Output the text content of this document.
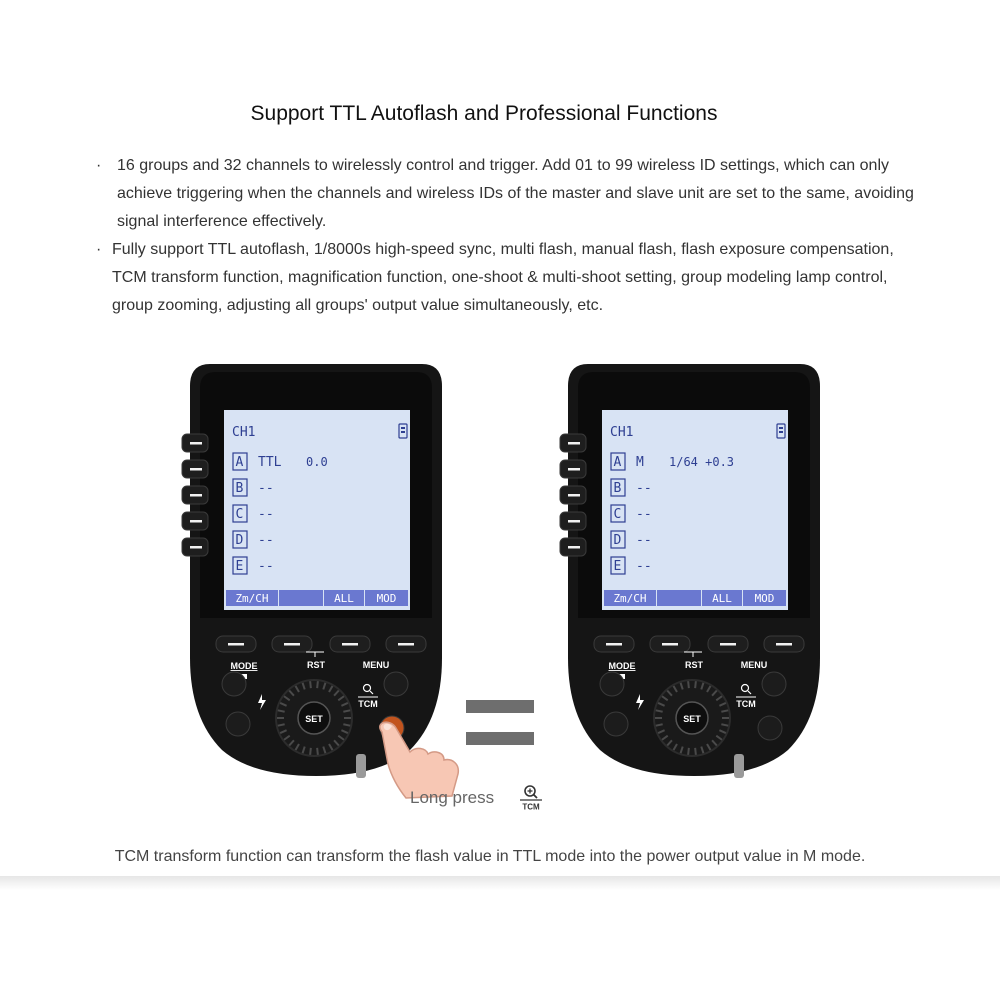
Support TTL Autoflash and Professional Functions
· 16 groups and 32 channels to wirelessly control and trigger. Add 01 to 99 wireless ID settings, which can only achieve triggering when the channels and wireless IDs of the master and slave unit are set to the same, avoiding signal interference effectively.
· Fully support TTL autoflash, 1/8000s high-speed sync, multi flash, manual flash, flash exposure compensation, TCM transform function, magnification function, one-shoot & multi-shoot setting, group modeling lamp control, group zooming, adjusting all groups' output value simultaneously, etc.
CH1
A TTL 0.0
B --
C --
D --
E --
Zm/CH	ALL MOD
MODE	RST	MENU
TCM
SET
CH1
A M 1/64 +0.3
B --
C --
D --
E --
Zm/CH	ALL MOD
MODE	RST	MENU
TCM
SET
Long press	TCM
TCM transform function can transform the flash value in TTL mode into the power output value in M mode.
